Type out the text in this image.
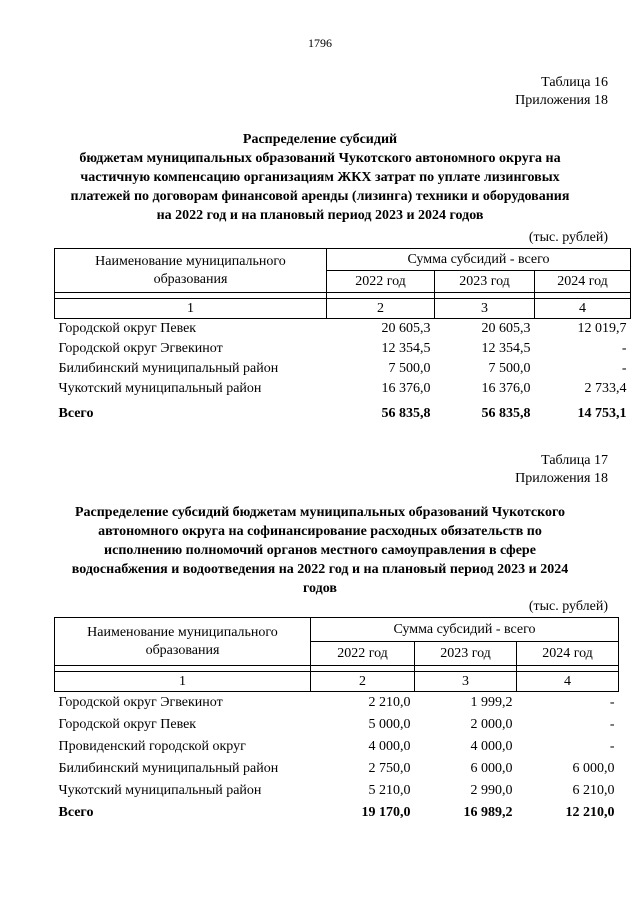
1796
Таблица 16
Приложения 18
Распределение субсидий
бюджетам муниципальных образований Чукотского автономного округа на
частичную компенсацию организациям ЖКХ затрат по уплате лизинговых
платежей по договорам финансовой аренды (лизинга) техники и оборудования
на 2022 год и на плановый период 2023 и 2024 годов
(тыс. рублей)
Наименование муниципального образования	Сумма субсидий - всего		
	2022 год	2023 год	2024 год

1	2	3	4
Городской округ Певек	20 605,3	20 605,3	12 019,7
Городской округ Эгвекинот	12 354,5	12 354,5	-
Билибинский муниципальный район	7 500,0	7 500,0	-
Чукотский муниципальный район	16 376,0	16 376,0	2 733,4
Всего	56 835,8	56 835,8	14 753,1
Таблица 17
Приложения 18
Распределение субсидий бюджетам муниципальных образований Чукотского
автономного округа на софинансирование расходных обязательств по
исполнению полномочий органов местного самоуправления в сфере
водоснабжения и водоотведения на 2022 год и на плановый период 2023 и 2024
годов
(тыс. рублей)
Наименование муниципального образования	Сумма субсидий - всего		
	2022 год	2023 год	2024 год

1	2	3	4
Городской округ Эгвекинот	2 210,0	1 999,2	-
Городской округ Певек	5 000,0	2 000,0	-
Провиденский городской округ	4 000,0	4 000,0	-
Билибинский муниципальный район	2 750,0	6 000,0	6 000,0
Чукотский муниципальный район	5 210,0	2 990,0	6 210,0
Всего	19 170,0	16 989,2	12 210,0
